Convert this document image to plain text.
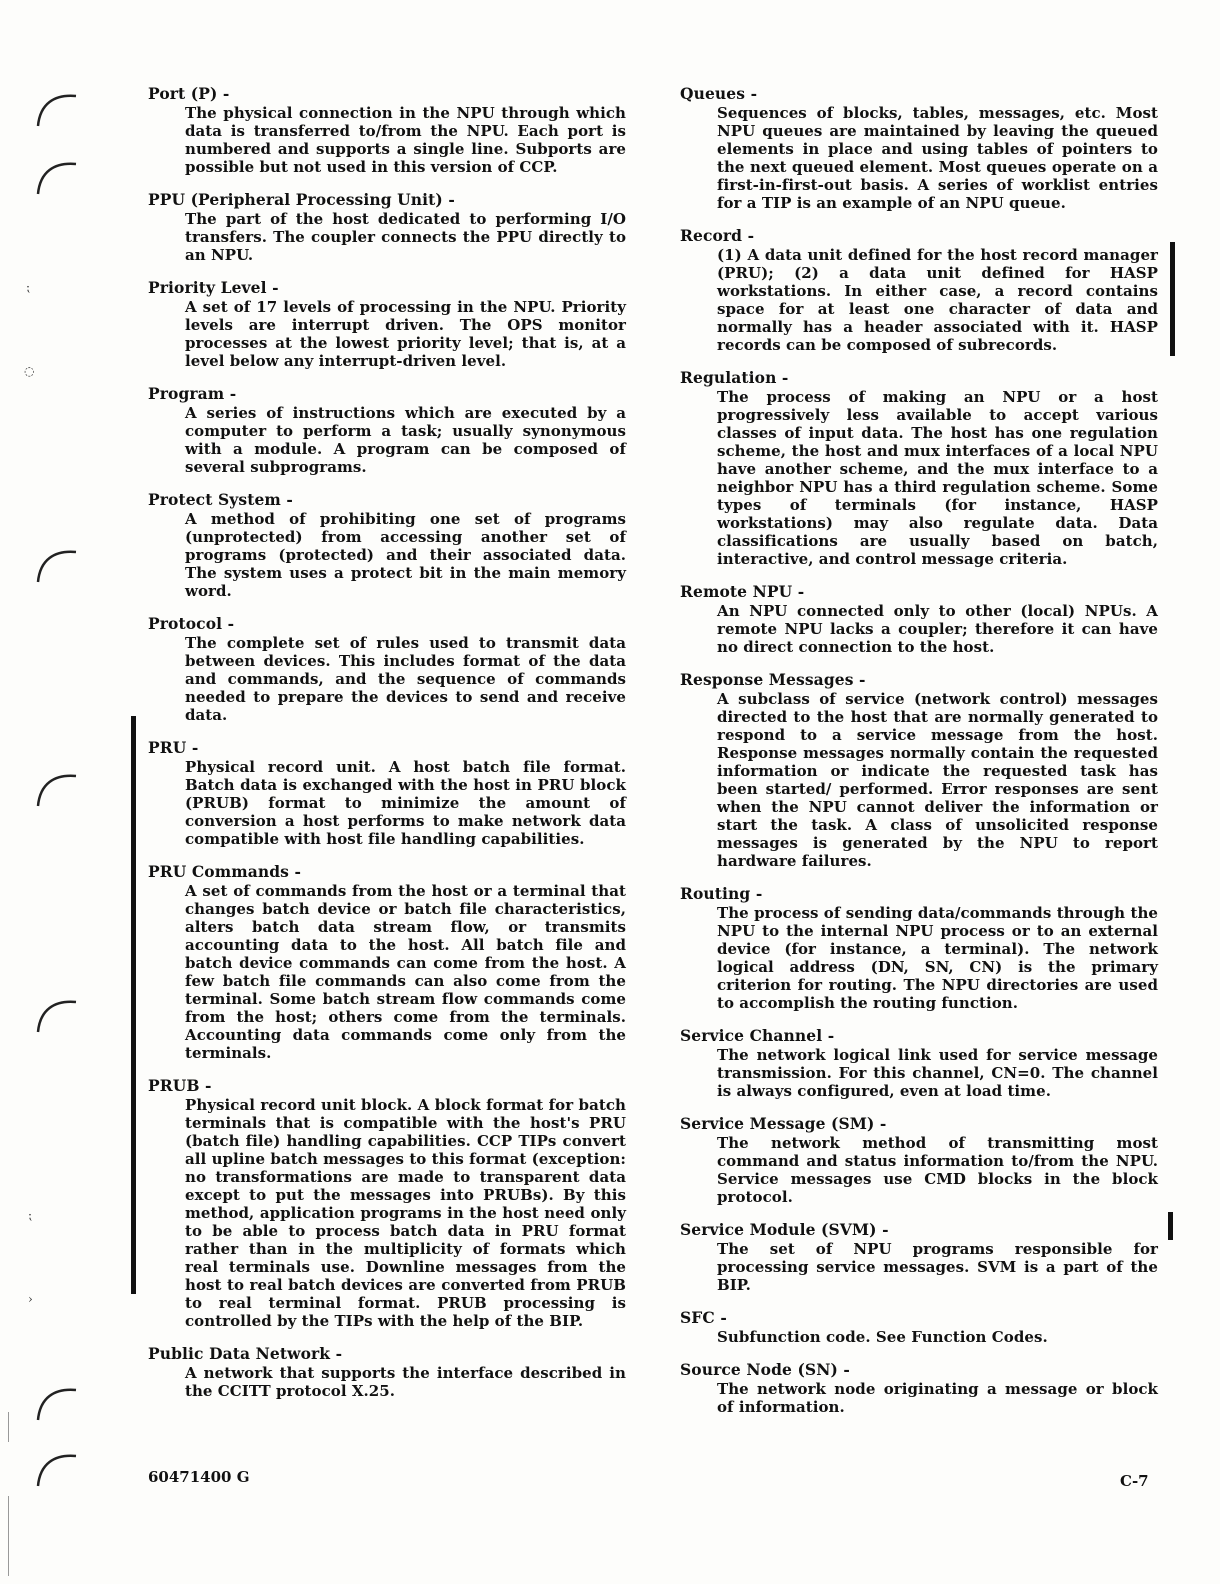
⁏
◌
⁏
›
Port (P) -
The physical connection in the NPU through which data is transferred to/from the NPU. Each port is numbered and supports a single line. Subports are possible but not used in this version of CCP.
PPU (Peripheral Processing Unit) -
The part of the host dedicated to performing I/O transfers. The coupler connects the PPU directly to an NPU.
Priority Level -
A set of 17 levels of processing in the NPU. Priority levels are interrupt driven. The OPS monitor processes at the lowest priority level; that is, at a level below any interrupt-driven level.
Program -
A series of instructions which are executed by a computer to perform a task; usually synonymous with a module. A program can be composed of several subprograms.
Protect System -
A method of prohibiting one set of programs (unprotected) from accessing another set of programs (protected) and their associated data. The system uses a protect bit in the main memory word.
Protocol -
The complete set of rules used to transmit data between devices. This includes format of the data and commands, and the sequence of commands needed to prepare the devices to send and receive data.
PRU -
Physical record unit. A host batch file format. Batch data is exchanged with the host in PRU block (PRUB) format to minimize the amount of conversion a host performs to make network data compatible with host file handling capabilities.
PRU Commands -
A set of commands from the host or a terminal that changes batch device or batch file characteristics, alters batch data stream flow, or transmits accounting data to the host. All batch file and batch device commands can come from the host. A few batch file commands can also come from the terminal. Some batch stream flow commands come from the host; others come from the terminals. Accounting data commands come only from the terminals.
PRUB -
Physical record unit block. A block format for batch terminals that is compatible with the host's PRU (batch file) handling capabilities. CCP TIPs convert all upline batch messages to this format (exception: no transformations are made to transparent data except to put the messages into PRUBs). By this method, application programs in the host need only to be able to process batch data in PRU format rather than in the multiplicity of formats which real terminals use. Downline messages from the host to real batch devices are converted from PRUB to real terminal format. PRUB processing is controlled by the TIPs with the help of the BIP.
Public Data Network -
A network that supports the interface described in the CCITT protocol X.25.
Queues -
Sequences of blocks, tables, messages, etc. Most NPU queues are maintained by leaving the queued elements in place and using tables of pointers to the next queued element. Most queues operate on a first-in-first-out basis. A series of worklist entries for a TIP is an example of an NPU queue.
Record -
(1) A data unit defined for the host record manager (PRU); (2) a data unit defined for HASP workstations. In either case, a record contains space for at least one character of data and normally has a header associated with it. HASP records can be composed of subrecords.
Regulation -
The process of making an NPU or a host progressively less available to accept various classes of input data. The host has one regulation scheme, the host and mux interfaces of a local NPU have another scheme, and the mux interface to a neighbor NPU has a third regulation scheme. Some types of terminals (for instance, HASP workstations) may also regulate data. Data classifications are usually based on batch, interactive, and control message criteria.
Remote NPU -
An NPU connected only to other (local) NPUs. A remote NPU lacks a coupler; therefore it can have no direct connection to the host.
Response Messages -
A subclass of service (network control) messages directed to the host that are normally generated to respond to a service message from the host. Response messages normally contain the requested information or indicate the requested task has been started/ performed. Error responses are sent when the NPU cannot deliver the information or start the task. A class of unsolicited response messages is generated by the NPU to report hardware failures.
Routing -
The process of sending data/commands through the NPU to the internal NPU process or to an external device (for instance, a terminal). The network logical address (DN, SN, CN) is the primary criterion for routing. The NPU directories are used to accomplish the routing function.
Service Channel -
The network logical link used for service message transmission. For this channel, CN=0. The channel is always configured, even at load time.
Service Message (SM) -
The network method of transmitting most command and status information to/from the NPU. Service messages use CMD blocks in the block protocol.
Service Module (SVM) -
The set of NPU programs responsible for processing service messages. SVM is a part of the BIP.
SFC -
Subfunction code. See Function Codes.
Source Node (SN) -
The network node originating a message or block of information.
60471400 G	C-7
